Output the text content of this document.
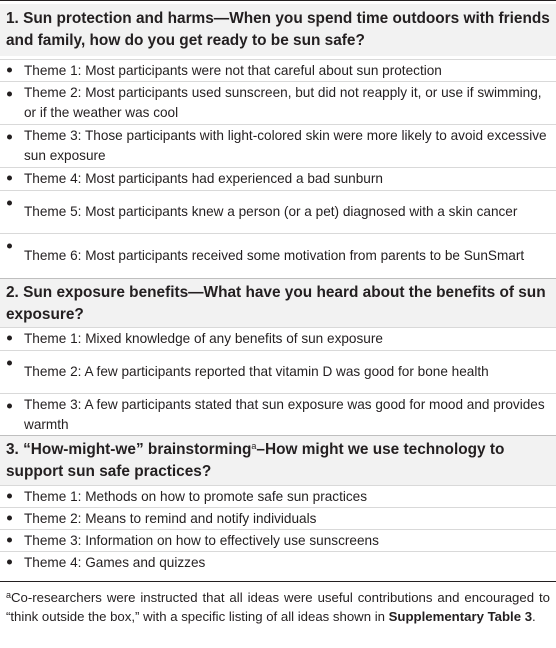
1. Sun protection and harms—When you spend time outdoors with friends and family, how do you get ready to be sun safe?
Theme 1: Most participants were not that careful about sun protection
Theme 2: Most participants used sunscreen, but did not reapply it, or use if swimming, or if the weather was cool
Theme 3: Those participants with light-colored skin were more likely to avoid excessive sun exposure
Theme 4: Most participants had experienced a bad sunburn
Theme 5: Most participants knew a person (or a pet) diagnosed with a skin cancer
Theme 6: Most participants received some motivation from parents to be SunSmart
2. Sun exposure benefits—What have you heard about the benefits of sun exposure?
Theme 1: Mixed knowledge of any benefits of sun exposure
Theme 2: A few participants reported that vitamin D was good for bone health
Theme 3: A few participants stated that sun exposure was good for mood and provides warmth
3. “How-might-we” brainstorming$^a$–How might we use technology to support sun safe practices?
Theme 1: Methods on how to promote safe sun practices
Theme 2: Means to remind and notify individuals
Theme 3: Information on how to effectively use sunscreens
Theme 4: Games and quizzes
$^a$Co-researchers were instructed that all ideas were useful contributions and encouraged to “think outside the box,” with a specific listing of all ideas shown in Supplementary Table 3.
